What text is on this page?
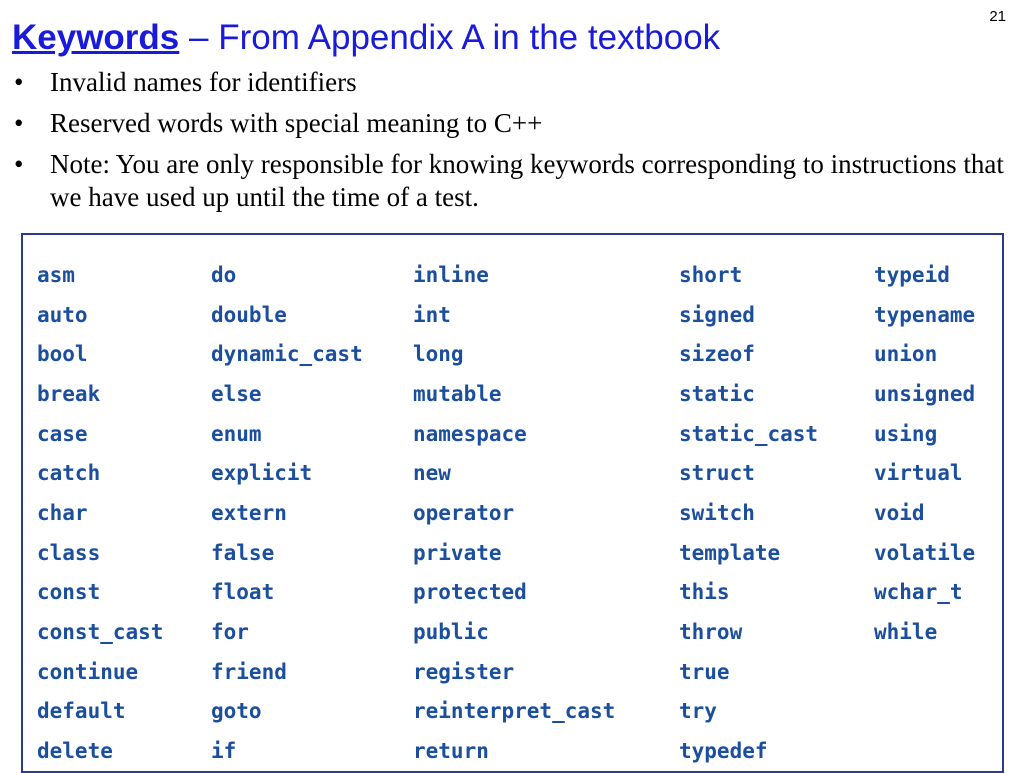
21
Keywords – From Appendix A in the textbook
• Invalid names for identifiers
• Reserved words with special meaning to C++
• Note: You are only responsible for knowing keywords corresponding to instructions that we have used up until the time of a test.
asm	do	inline	short	typeid
auto	double	int	signed	typename
bool	dynamic_cast	long	sizeof	union
break	else	mutable	static	unsigned
case	enum	namespace	static_cast	using
catch	explicit	new	struct	virtual
char	extern	operator	switch	void
class	false	private	template	volatile
const	float	protected	this	wchar_t
const_cast	for	public	throw	while
continue	friend	register	true
default	goto	reinterpret_cast	try
delete	if	return	typedef
